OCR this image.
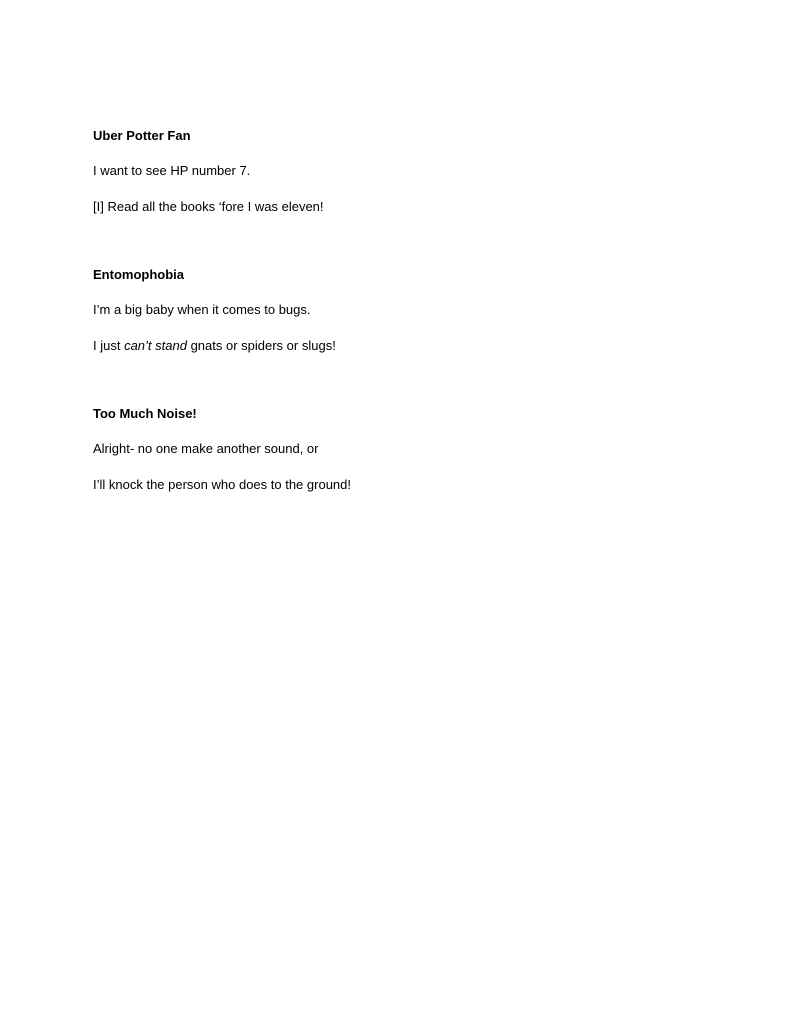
Uber Potter Fan

I want to see HP number 7.

[I] Read all the books ‘fore I was eleven!

Entomophobia

I’m a big baby when it comes to bugs.

I just can’t stand gnats or spiders or slugs!

Too Much Noise!

Alright- no one make another sound, or

I’ll knock the person who does to the ground!
